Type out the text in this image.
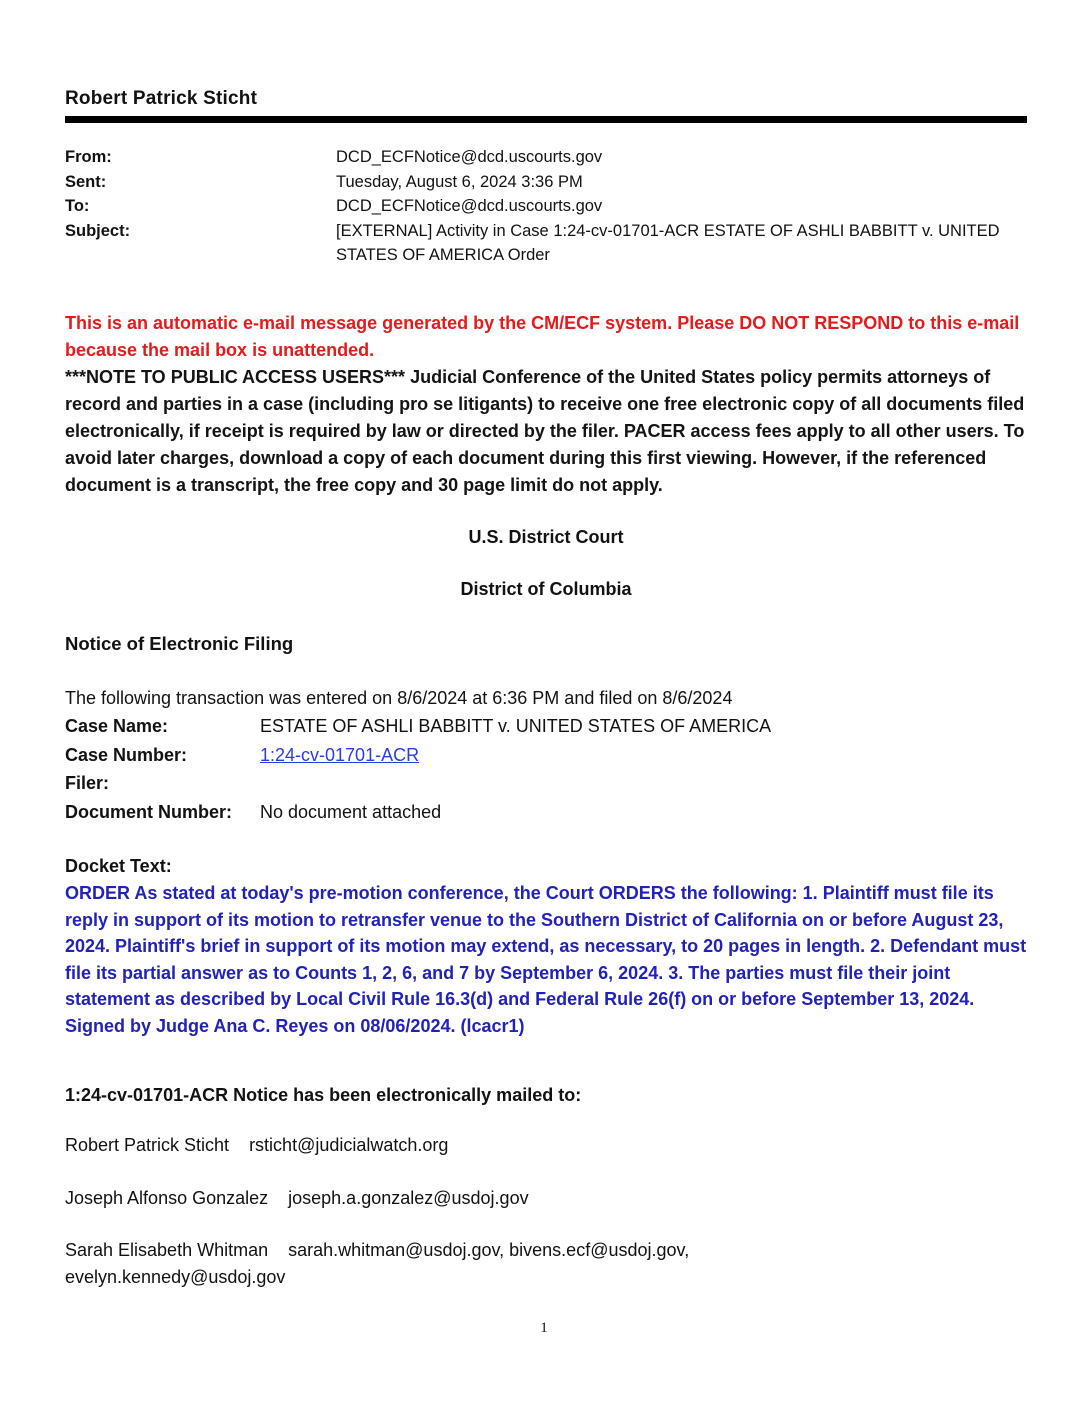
Robert Patrick Sticht
From:	DCD_ECFNotice@dcd.uscourts.gov
Sent:	Tuesday, August 6, 2024 3:36 PM
To:	DCD_ECFNotice@dcd.uscourts.gov
Subject:	[EXTERNAL] Activity in Case 1:24-cv-01701-ACR ESTATE OF ASHLI BABBITT v. UNITED STATES OF AMERICA Order
This is an automatic e-mail message generated by the CM/ECF system. Please DO NOT RESPOND to this e-mail because the mail box is unattended.
***NOTE TO PUBLIC ACCESS USERS*** Judicial Conference of the United States policy permits attorneys of record and parties in a case (including pro se litigants) to receive one free electronic copy of all documents filed electronically, if receipt is required by law or directed by the filer. PACER access fees apply to all other users. To avoid later charges, download a copy of each document during this first viewing. However, if the referenced document is a transcript, the free copy and 30 page limit do not apply.
U.S. District Court
District of Columbia
Notice of Electronic Filing
The following transaction was entered on 8/6/2024 at 6:36 PM and filed on 8/6/2024
Case Name:	ESTATE OF ASHLI BABBITT v. UNITED STATES OF AMERICA
Case Number:	1:24-cv-01701-ACR
Filer:
Document Number:	No document attached
Docket Text:
ORDER As stated at today's pre-motion conference, the Court ORDERS the following: 1. Plaintiff must file its reply in support of its motion to retransfer venue to the Southern District of California on or before August 23, 2024. Plaintiff's brief in support of its motion may extend, as necessary, to 20 pages in length. 2. Defendant must file its partial answer as to Counts 1, 2, 6, and 7 by September 6, 2024. 3. The parties must file their joint statement as described by Local Civil Rule 16.3(d) and Federal Rule 26(f) on or before September 13, 2024. Signed by Judge Ana C. Reyes on 08/06/2024. (lcacr1)
1:24-cv-01701-ACR Notice has been electronically mailed to:
Robert Patrick Sticht rsticht@judicialwatch.org
Joseph Alfonso Gonzalez joseph.a.gonzalez@usdoj.gov
Sarah Elisabeth Whitman sarah.whitman@usdoj.gov, bivens.ecf@usdoj.gov, evelyn.kennedy@usdoj.gov
1
